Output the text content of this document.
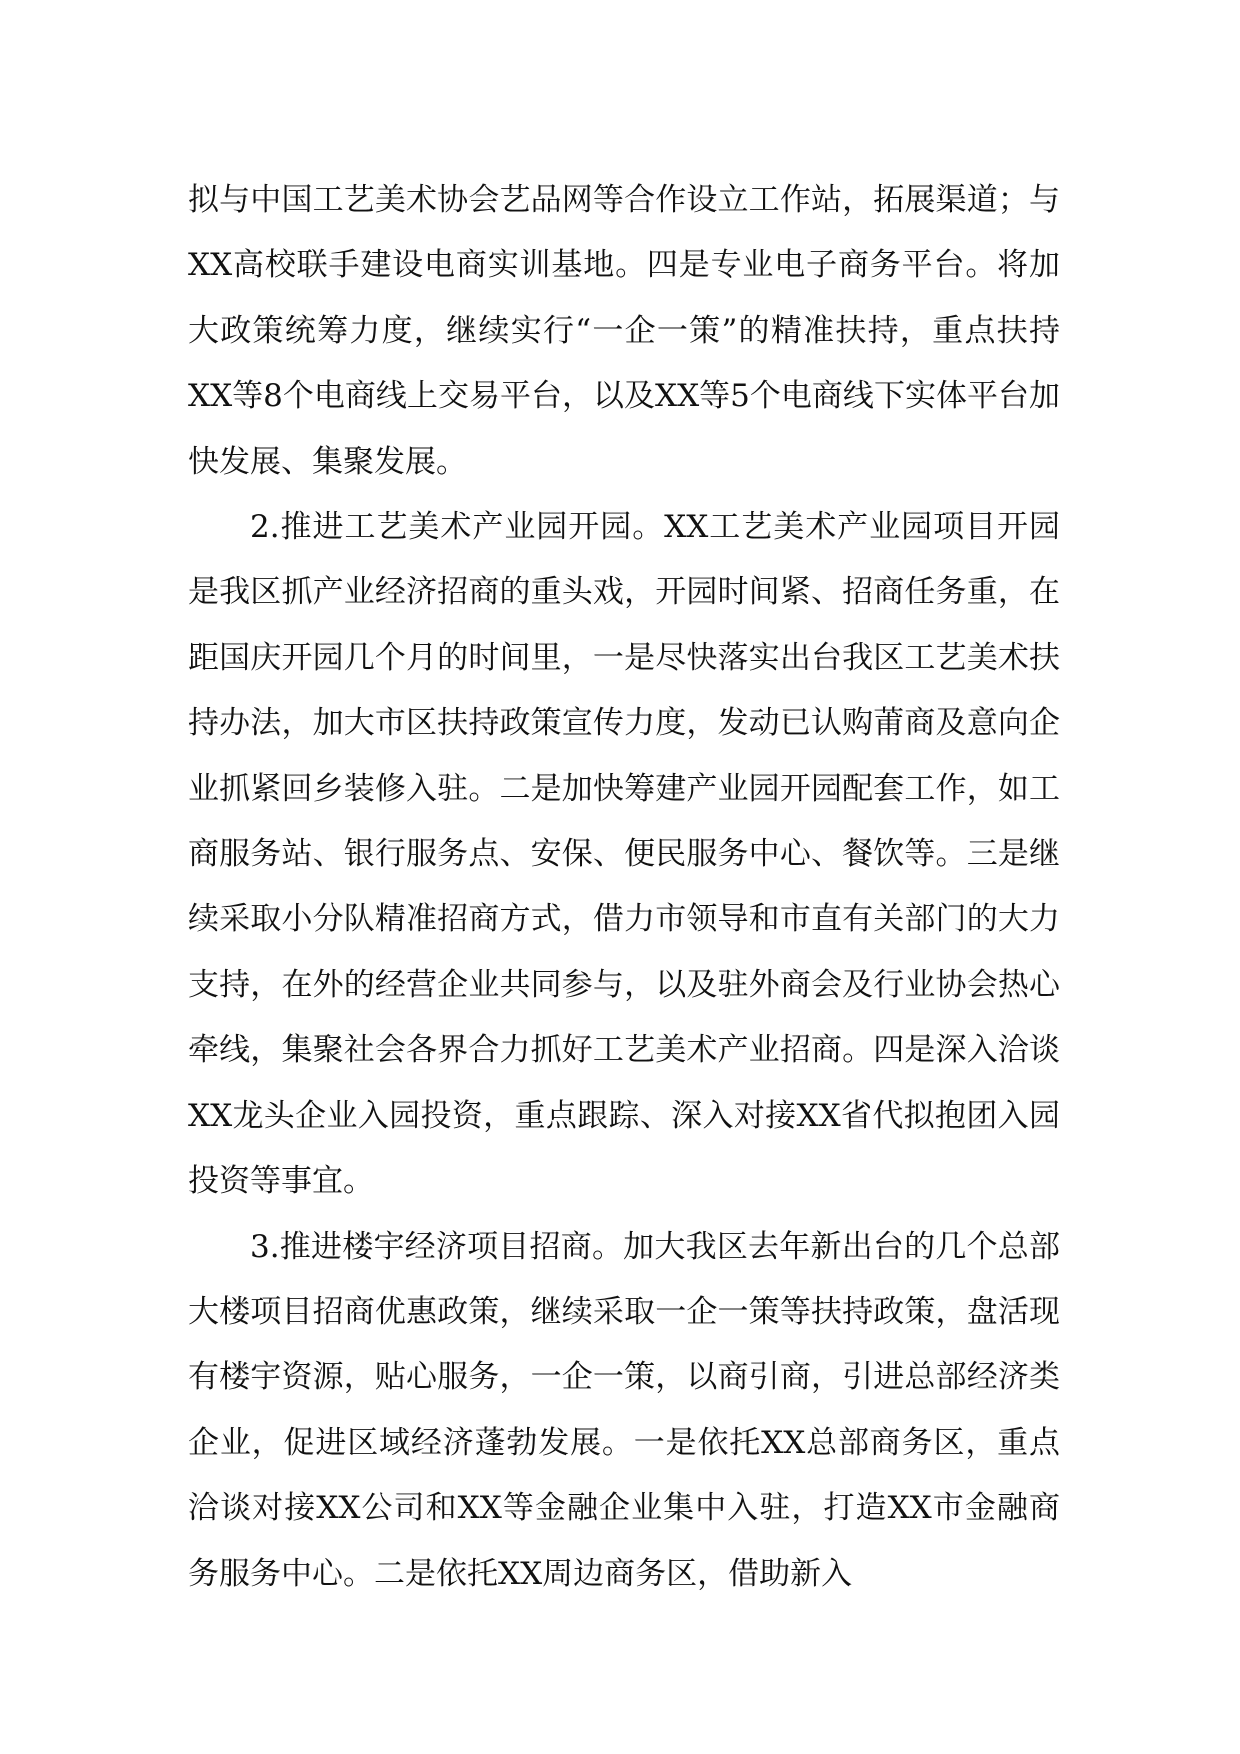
拟与中国工艺美术协会艺品网等合作设立工作站，拓展渠道；与XX高校联手建设电商实训基地。四是专业电子商务平台。将加大政策统筹力度，继续实行“一企一策”的精准扶持，重点扶持XX等8个电商线上交易平台，以及XX等5个电商线下实体平台加快发展、集聚发展。

2.推进工艺美术产业园开园。XX工艺美术产业园项目开园是我区抓产业经济招商的重头戏，开园时间紧、招商任务重，在距国庆开园几个月的时间里，一是尽快落实出台我区工艺美术扶持办法，加大市区扶持政策宣传力度，发动已认购莆商及意向企业抓紧回乡装修入驻。二是加快筹建产业园开园配套工作，如工商服务站、银行服务点、安保、便民服务中心、餐饮等。三是继续采取小分队精准招商方式，借力市领导和市直有关部门的大力支持，在外的经营企业共同参与，以及驻外商会及行业协会热心牵线，集聚社会各界合力抓好工艺美术产业招商。四是深入洽谈XX龙头企业入园投资，重点跟踪、深入对接XX省代拟抱团入园投资等事宜。

3.推进楼宇经济项目招商。加大我区去年新出台的几个总部大楼项目招商优惠政策，继续采取一企一策等扶持政策，盘活现有楼宇资源，贴心服务，一企一策，以商引商，引进总部经济类企业，促进区域经济蓬勃发展。一是依托XX总部商务区，重点洽谈对接XX公司和XX等金融企业集中入驻，打造XX市金融商务服务中心。二是依托XX周边商务区，借助新入
